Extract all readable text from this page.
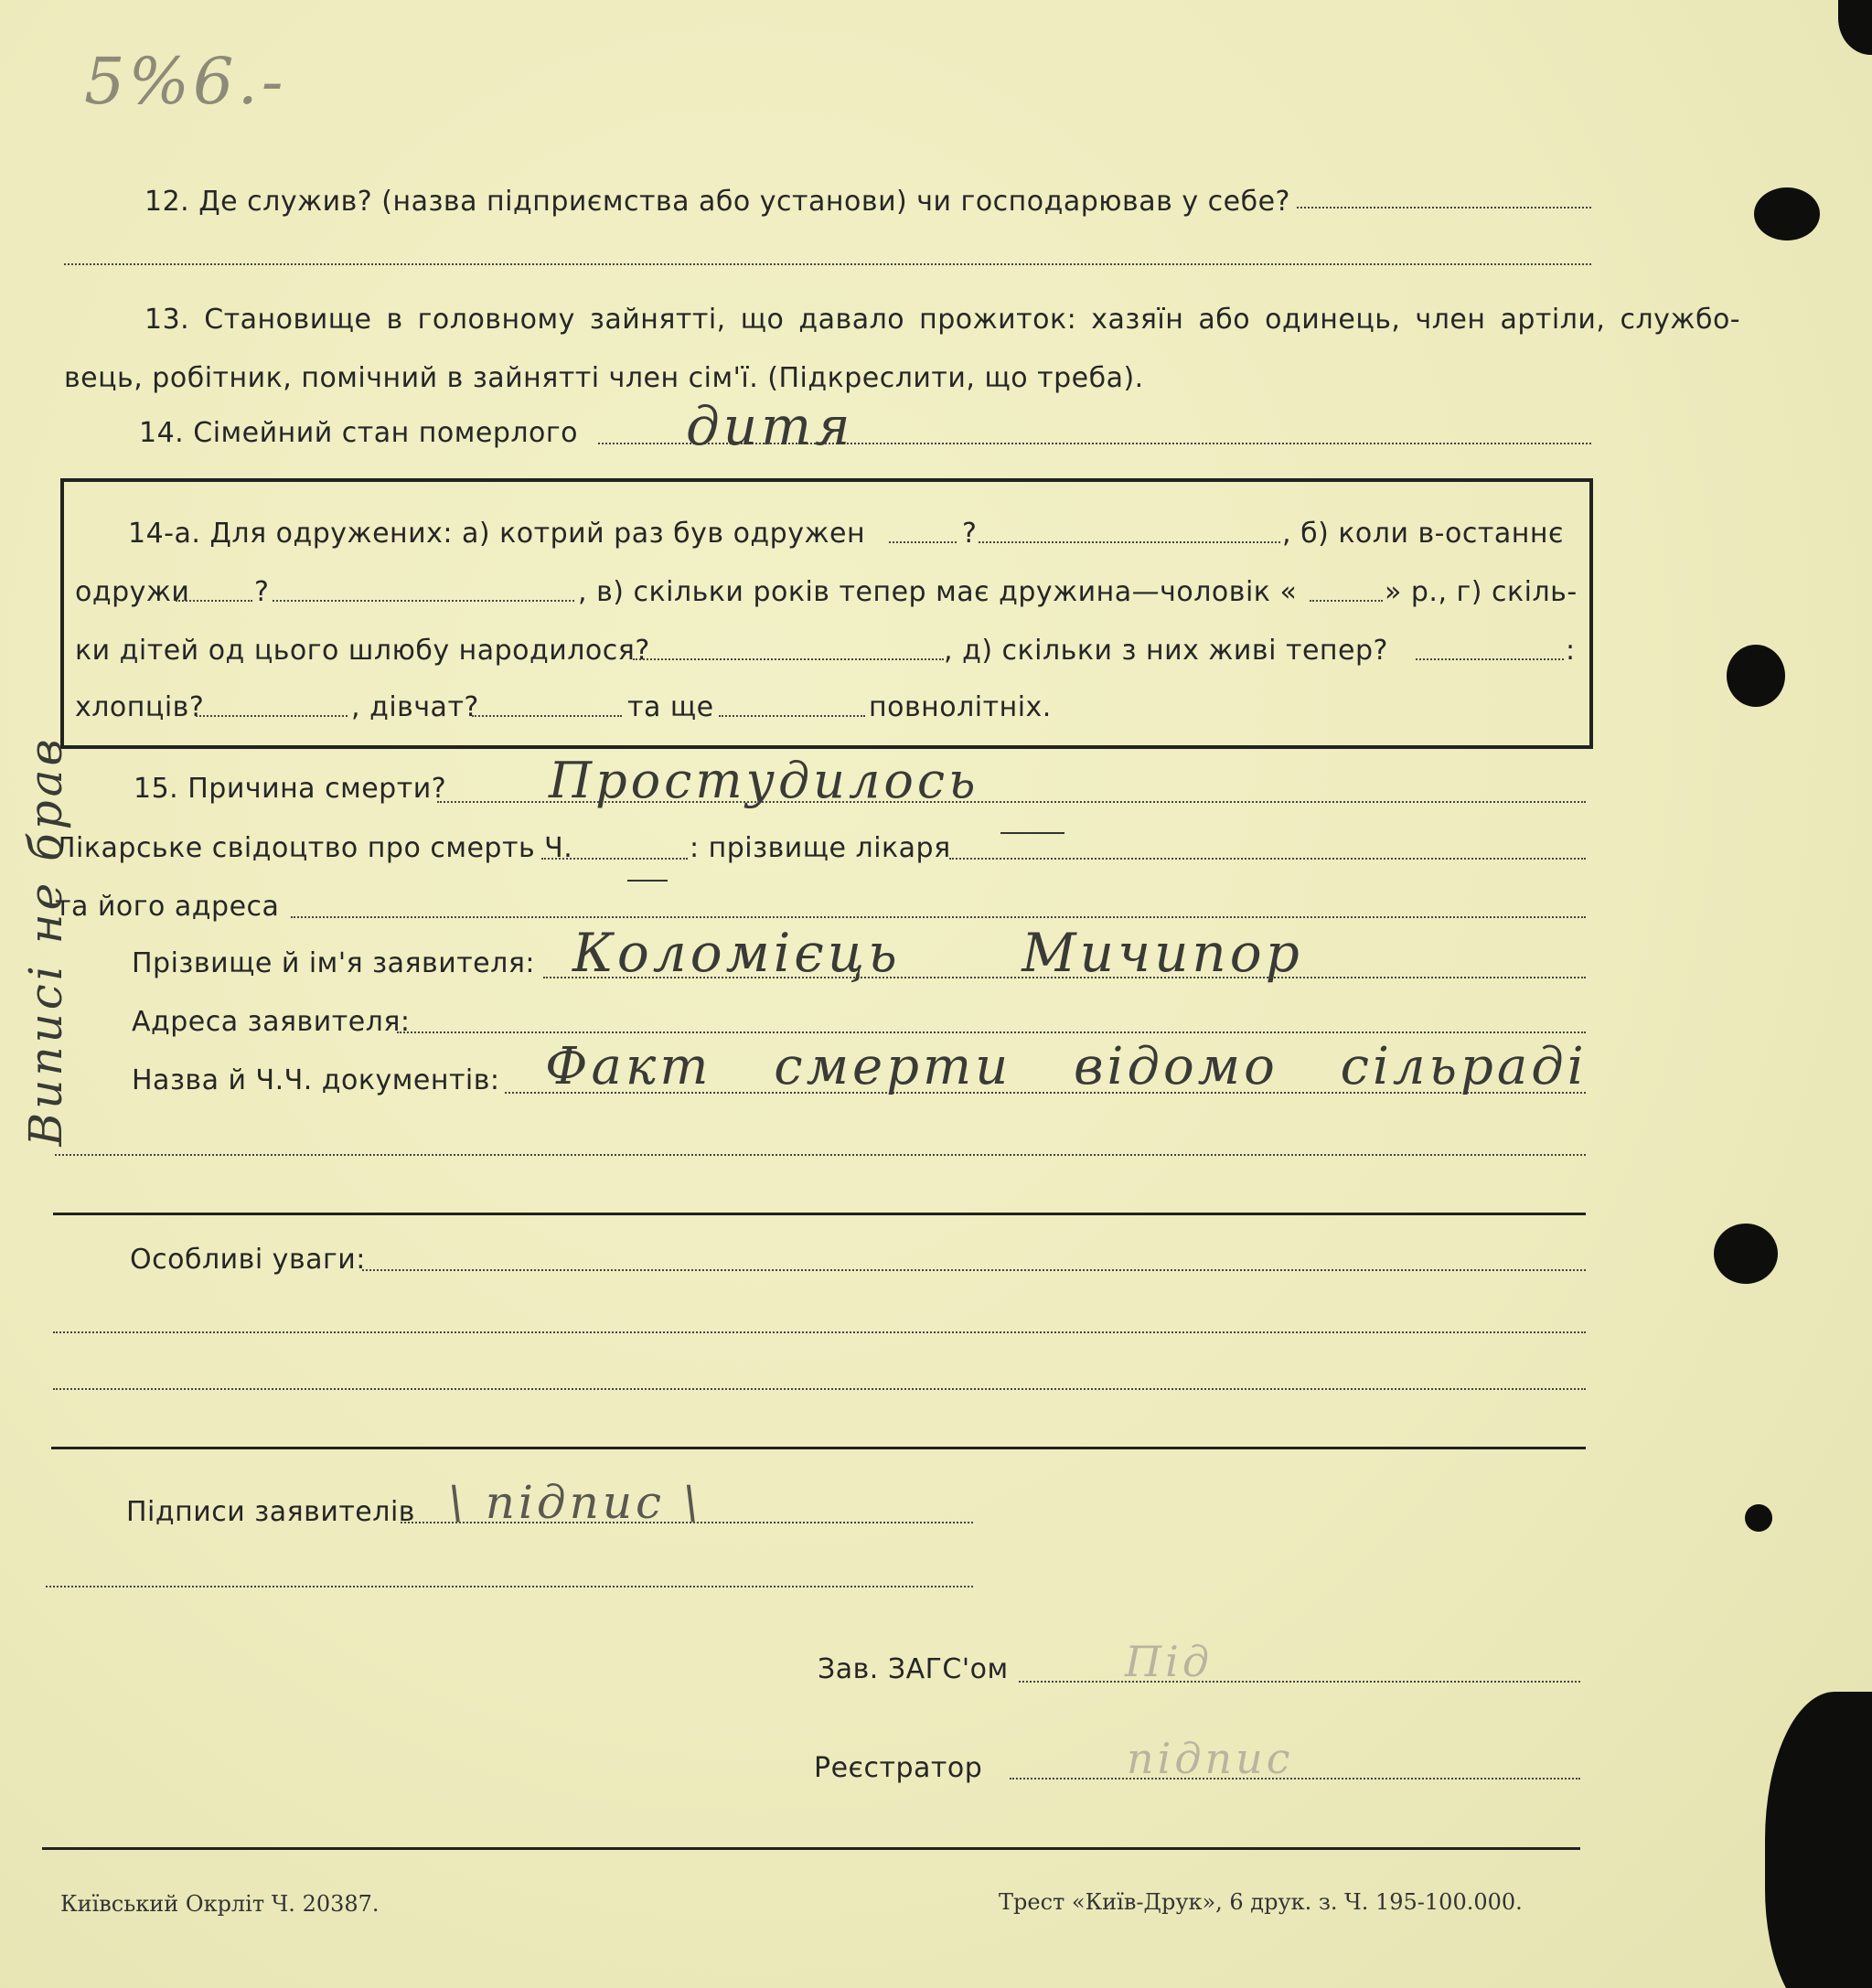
5%6.-
12. Де служив? (назва підприємства або установи) чи господарював у себе?
13. Становище в головному зайнятті, що давало прожиток: хазяїн або одинець, член артіли, службо-
вець, робітник, помічний в зайнятті член сім'ї. (Підкреслити, що треба).
14. Сімейний стан померлого дитя
14-а. Для одружених: а) котрий раз був одружен	?	, б) коли в-останнє
одружи ?	, в) скільки років тепер має дружина—чоловік «	» р., г) скіль-
ки дітей од цього шлюбу народилося?	, д) скільки з них живі тепер?	:
хлопців?	, дівчат?	та ще	повнолітніх.
15. Причина смерти? Простудилось
Лікарське свідоцтво про смерть Ч.	: прізвище лікаря
та його адреса
Прізвище й ім'я заявителя: Коломієць Мичипор
Адреса заявителя:
Назва й Ч.Ч. документів: Факт смерти відомо сільраді
Особливі уваги:
Підписи заявителів \ підпис \
Зав. ЗАГС'ом	Під
Реєстратор	підпис
Київський Окрліт Ч. 20387.	Трест «Київ-Друк», 6 друк. з. Ч. 195-100.000.
Виписі не брав
